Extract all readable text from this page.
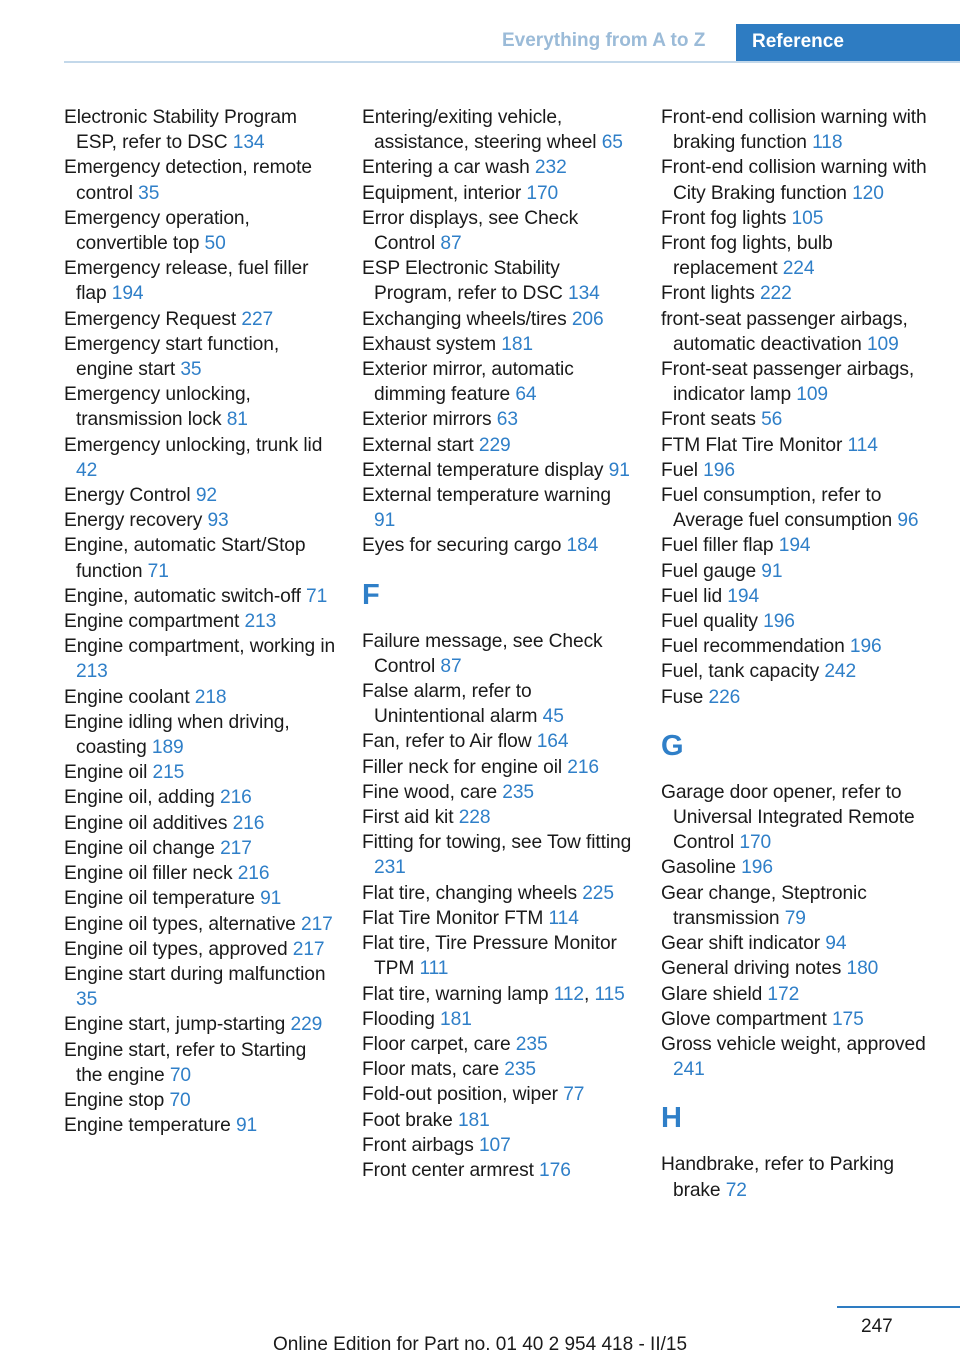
Everything from A to Z	Reference

Electronic Stability Program ESP, refer to DSC 134

Emergency detection, remote control 35

Emergency operation, convertible top 50

Emergency release, fuel filler flap 194

Emergency Request 227

Emergency start function, engine start 35

Emergency unlocking, transmission lock 81

Emergency unlocking, trunk lid 42

Energy Control 92

Energy recovery 93

Engine, automatic Start/Stop function 71

Engine, automatic switch-off 71

Engine compartment 213

Engine compartment, working in 213

Engine coolant 218

Engine idling when driving, coasting 189

Engine oil 215

Engine oil, adding 216

Engine oil additives 216

Engine oil change 217

Engine oil filler neck 216

Engine oil temperature 91

Engine oil types, alternative 217

Engine oil types, approved 217

Engine start during malfunction 35

Engine start, jump-starting 229

Engine start, refer to Starting the engine 70

Engine stop 70

Engine temperature 91

Entering/exiting vehicle, assistance, steering wheel 65

Entering a car wash 232

Equipment, interior 170

Error displays, see Check Control 87

ESP Electronic Stability Program, refer to DSC 134

Exchanging wheels/tires 206

Exhaust system 181

Exterior mirror, automatic dimming feature 64

Exterior mirrors 63

External start 229

External temperature display 91

External temperature warning 91

Eyes for securing cargo 184

F

Failure message, see Check Control 87

False alarm, refer to Unintentional alarm 45

Fan, refer to Air flow 164

Filler neck for engine oil 216

Fine wood, care 235

First aid kit 228

Fitting for towing, see Tow fitting 231

Flat tire, changing wheels 225

Flat Tire Monitor FTM 114

Flat tire, Tire Pressure Monitor TPM 111

Flat tire, warning lamp 112, 115

Flooding 181

Floor carpet, care 235

Floor mats, care 235

Fold-out position, wiper 77

Foot brake 181

Front airbags 107

Front center armrest 176

Front-end collision warning with braking function 118

Front-end collision warning with City Braking function 120

Front fog lights 105

Front fog lights, bulb replacement 224

Front lights 222

front-seat passenger airbags, automatic deactivation 109

Front-seat passenger airbags, indicator lamp 109

Front seats 56

FTM Flat Tire Monitor 114

Fuel 196

Fuel consumption, refer to Average fuel consumption 96

Fuel filler flap 194

Fuel gauge 91

Fuel lid 194

Fuel quality 196

Fuel recommendation 196

Fuel, tank capacity 242

Fuse 226

G

Garage door opener, refer to Universal Integrated Remote Control 170

Gasoline 196

Gear change, Steptronic transmission 79

Gear shift indicator 94

General driving notes 180

Glare shield 172

Glove compartment 175

Gross vehicle weight, approved 241

H

Handbrake, refer to Parking brake 72

247
Online Edition for Part no. 01 40 2 954 418 - II/15
